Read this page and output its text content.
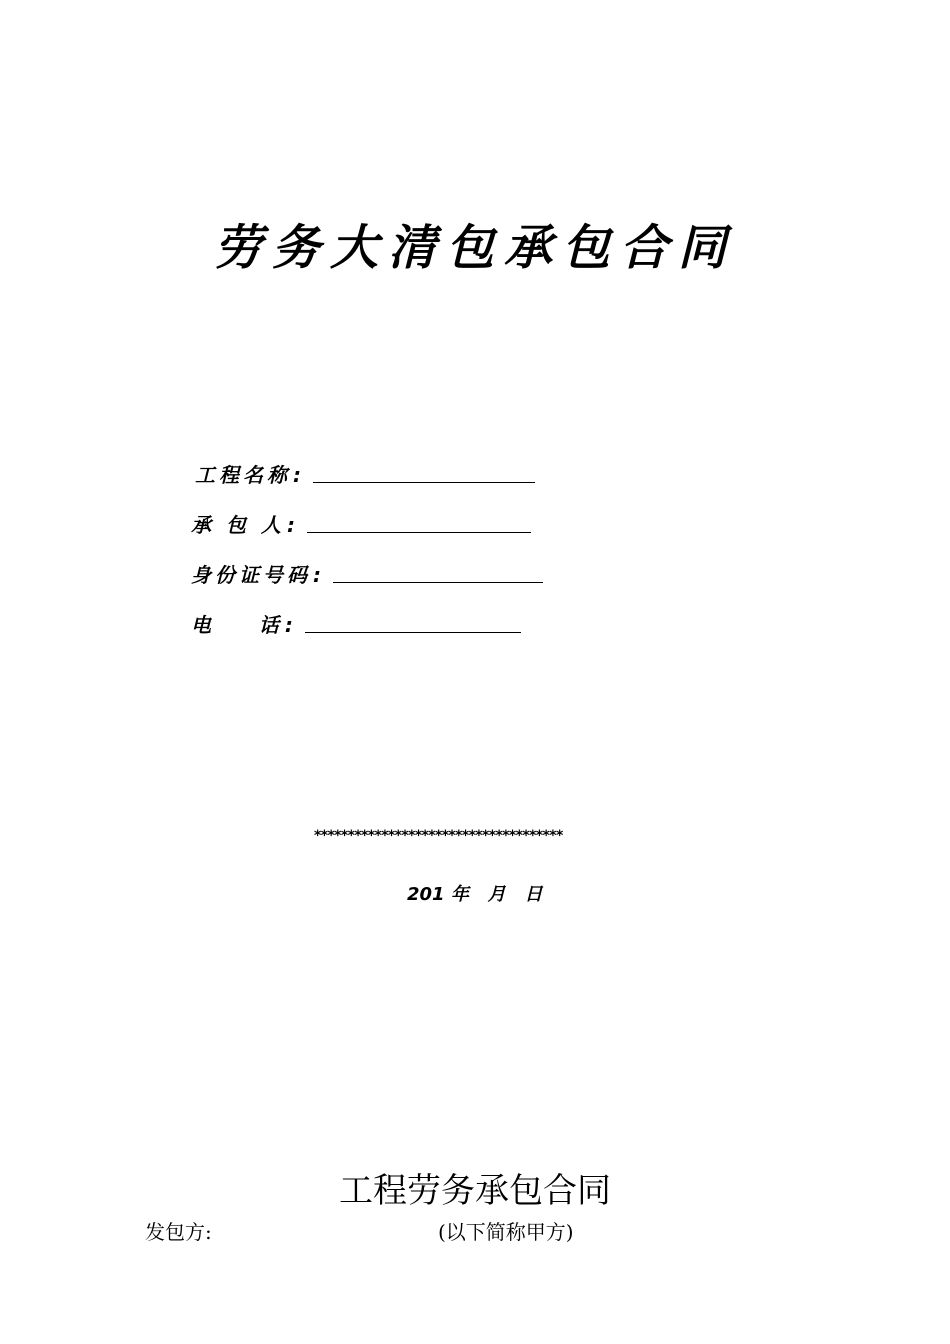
劳务大清包承包合同
工程名称 :
承 包 人 :
身份证号码 :
电    话 :
*************************************
201 年   月   日
工程劳务承包合同
发包方:	(以下简称甲方)
